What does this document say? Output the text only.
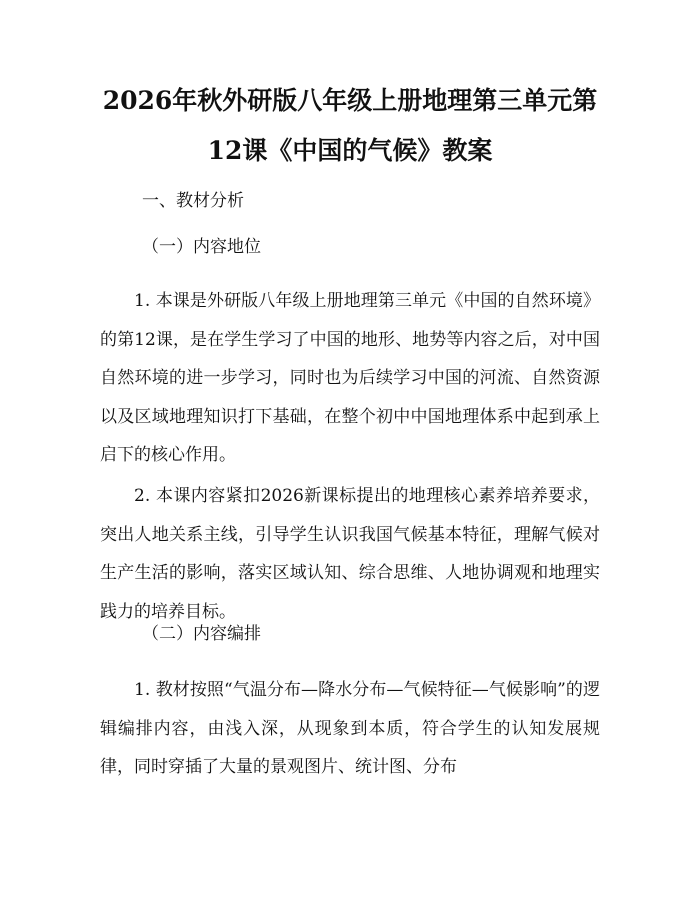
2026年秋外研版八年级上册地理第三单元第
12课《中国的气候》教案
一、教材分析
（一）内容地位

1. 本课是外研版八年级上册地理第三单元《中国的自然环境》的第12课，是在学生学习了中国的地形、地势等内容之后，对中国自然环境的进一步学习，同时也为后续学习中国的河流、自然资源以及区域地理知识打下基础，在整个初中中国地理体系中起到承上启下的核心作用。

2. 本课内容紧扣2026新课标提出的地理核心素养培养要求，突出人地关系主线，引导学生认识我国气候基本特征，理解气候对生产生活的影响，落实区域认知、综合思维、人地协调观和地理实践力的培养目标。

（二）内容编排

1. 教材按照“气温分布—降水分布—气候特征—气候影响”的逻辑编排内容，由浅入深，从现象到本质，符合学生的认知发展规律，同时穿插了大量的景观图片、统计图、分布
